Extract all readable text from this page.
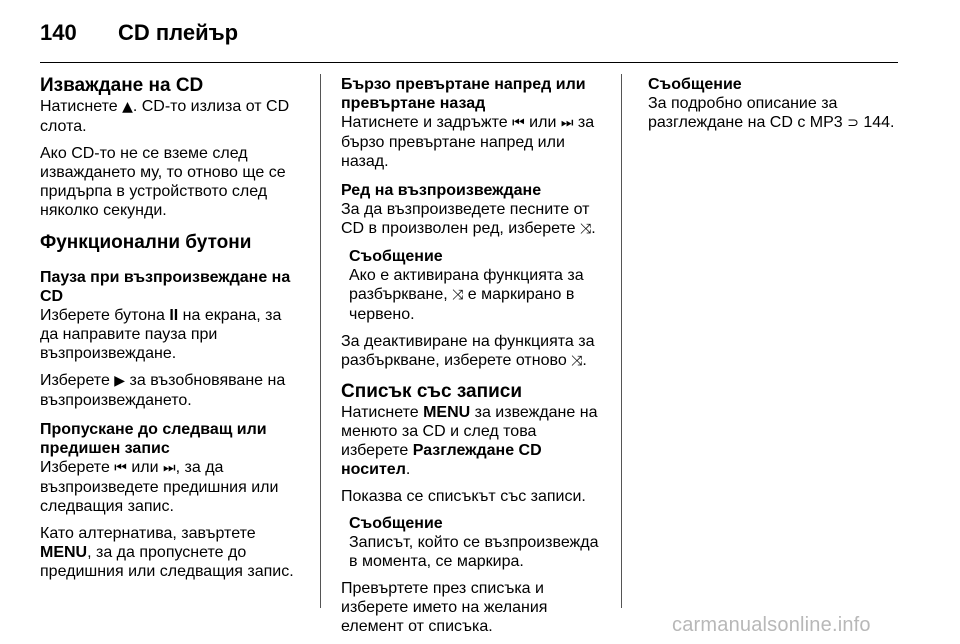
140 CD плейър
Изваждане на CD

Натиснете ▲. CD-то излиза от CD слота.

Ако CD-то не се вземе след изваждането му, то отново ще се придърпа в устройството след няколко секунди.

Функционални бутони
Пауза при възпроизвеждане на CD

Изберете бутона II на екрана, за да направите пауза при възпроизвеждане.

Изберете ▶ за възобновяване на възпроизвеждането.

Пропускане до следващ или предишен запис

Изберете ⏮ или ⏭, за да възпроизведете предишния или следващия запис.

Като алтернатива, завъртете MENU, за да пропуснете до предишния или следващия запис.

Бързо превъртане напред или превъртане назад

Натиснете и задръжте ⏮ или ⏭ за бързо превъртане напред или назад.

Ред на възпроизвеждане

За да възпроизведете песните от CD в произволен ред, изберете ⤨.

Съобщение
Ако е активирана функцията за разбъркване, ⤨ е маркирано в червено.

За деактивиране на функцията за разбъркване, изберете отново ⤨.

Списък със записи

Натиснете MENU за извеждане на менюто за CD и след това изберете Разглеждане CD носител.

Показва се списъкът със записи.

Съобщение
Записът, който се възпроизвежда в момента, се маркира.

Превъртете през списъка и изберете името на желания елемент от списъка.

Съобщение
За подробно описание за разглеждане на CD с MP3 ⊃ 144.
carmanualsonline.info
